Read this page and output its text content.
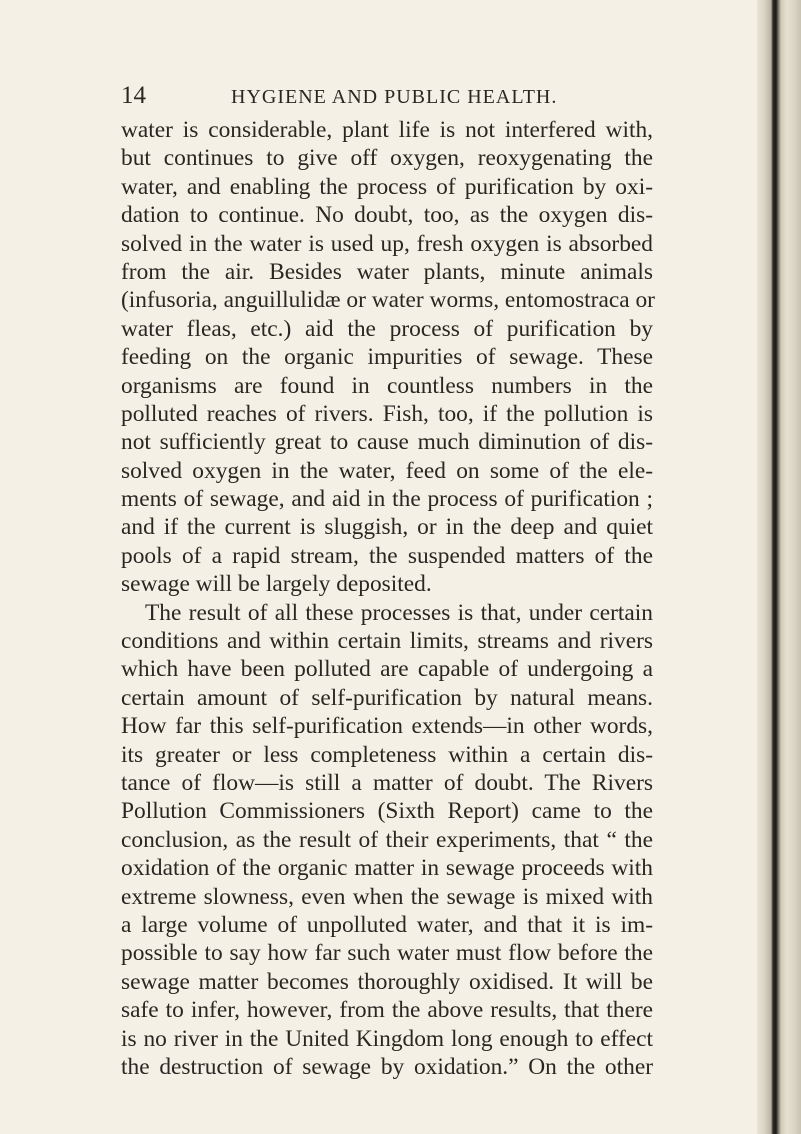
14	HYGIENE AND PUBLIC HEALTH.
water is considerable, plant life is not interfered with,
but continues to give off oxygen, reoxygenating the
water, and enabling the process of purification by oxi-
dation to continue. No doubt, too, as the oxygen dis-
solved in the water is used up, fresh oxygen is absorbed
from the air. Besides water plants, minute animals
(infusoria, anguillulidæ or water worms, entomostraca or
water fleas, etc.) aid the process of purification by
feeding on the organic impurities of sewage. These
organisms are found in countless numbers in the
polluted reaches of rivers. Fish, too, if the pollution is
not sufficiently great to cause much diminution of dis-
solved oxygen in the water, feed on some of the ele-
ments of sewage, and aid in the process of purification ;
and if the current is sluggish, or in the deep and quiet
pools of a rapid stream, the suspended matters of the
sewage will be largely deposited.
The result of all these processes is that, under certain
conditions and within certain limits, streams and rivers
which have been polluted are capable of undergoing a
certain amount of self-purification by natural means.
How far this self-purification extends—in other words,
its greater or less completeness within a certain dis-
tance of flow—is still a matter of doubt. The Rivers
Pollution Commissioners (Sixth Report) came to the
conclusion, as the result of their experiments, that “ the
oxidation of the organic matter in sewage proceeds with
extreme slowness, even when the sewage is mixed with
a large volume of unpolluted water, and that it is im-
possible to say how far such water must flow before the
sewage matter becomes thoroughly oxidised. It will be
safe to infer, however, from the above results, that there
is no river in the United Kingdom long enough to effect
the destruction of sewage by oxidation.” On the other
